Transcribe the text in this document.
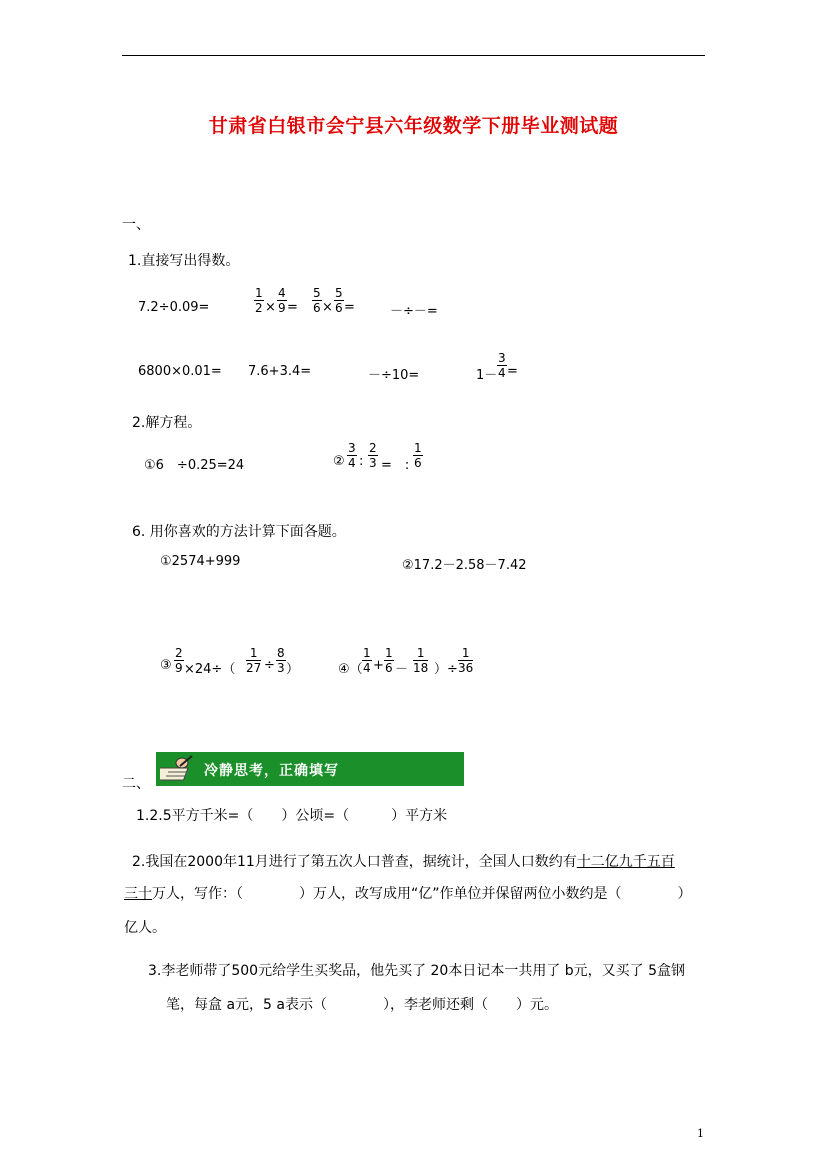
甘肃省白银市会宁县六年级数学下册毕业测试题
一、
1.直接写出得数。
7.2÷0.09=
1
2 ×
4
9 =
5
6 ×
5
6 =	－÷－=
6800×0.01= 7.6+3.4=	－÷10=	1－
3
4 =
2.解方程。
①6　÷0.25=24	②
3
4 :
2
3 =　:
1
6
6. 用你喜欢的方法计算下面各题。
①2574+999	②17.2－2.58－7.42
③
2
9 ×24÷（
1
27 ÷
8
3 ）	④（
1
4 +
1
6 －
1
18 ）÷
1
36
二、
冷静思考，正确填写
1.2.5平方千米=（　　）公顷=（　　　）平方米
2.我国在2000年11月进行了第五次人口普查，据统计，全国人口数约有十二亿九千五百
三十万人，写作：（　　　　）万人，改写成用“亿”作单位并保留两位小数约是（　　　　）
亿人。
3.李老师带了500元给学生买奖品，他先买了 20本日记本一共用了 b元，又买了 5盒钢
笔，每盒 a元，5 a表示（　　　　），李老师还剩（　　）元。
1
